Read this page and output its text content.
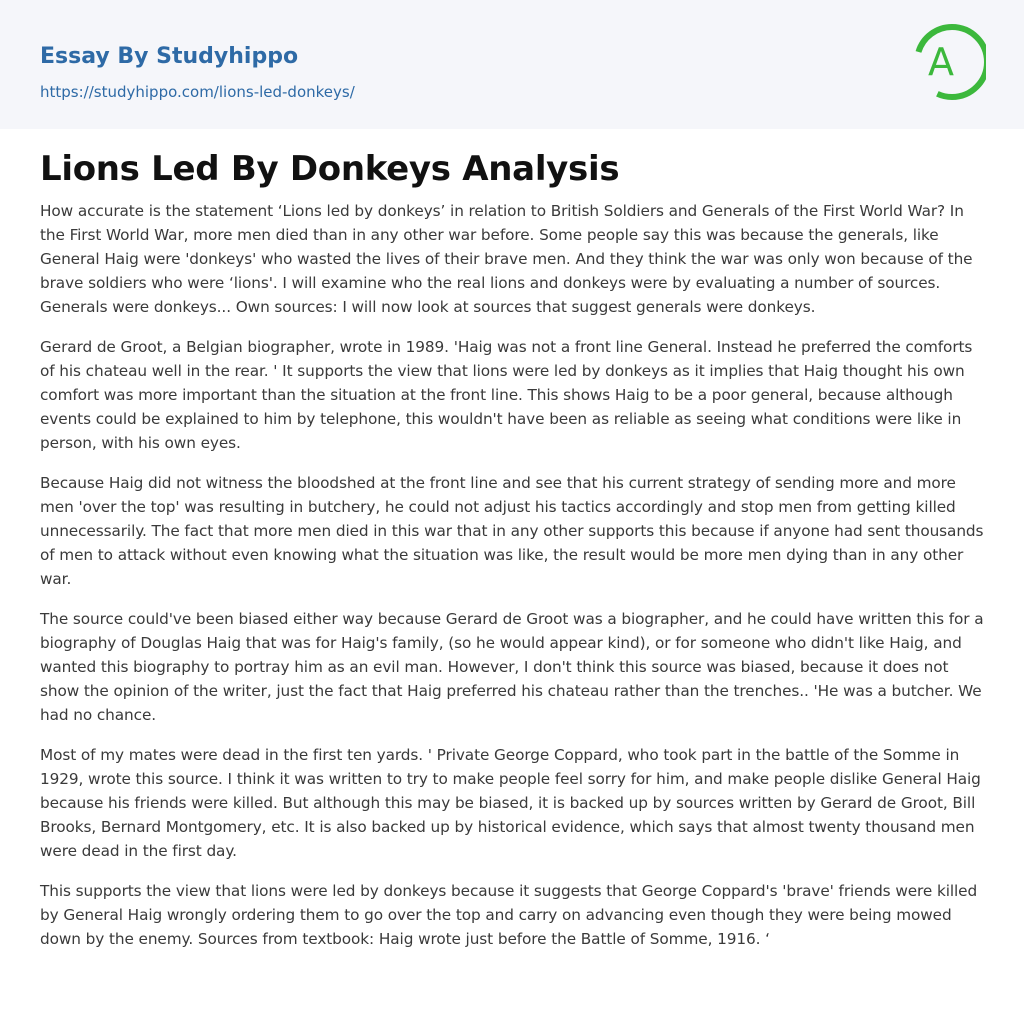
Essay By Studyhippo
https://studyhippo.com/lions-led-donkeys/
A
Lions Led By Donkeys Analysis

How accurate is the statement ‘Lions led by donkeys’ in relation to British Soldiers and Generals of the First World War? In the First World War, more men died than in any other war before. Some people say this was because the generals, like General Haig were 'donkeys' who wasted the lives of their brave men. And they think the war was only won because of the brave soldiers who were ‘lions'. I will examine who the real lions and donkeys were by evaluating a number of sources. Generals were donkeys... Own sources: I will now look at sources that suggest generals were donkeys.

Gerard de Groot, a Belgian biographer, wrote in 1989. 'Haig was not a front line General. Instead he preferred the comforts of his chateau well in the rear. ' It supports the view that lions were led by donkeys as it implies that Haig thought his own comfort was more important than the situation at the front line. This shows Haig to be a poor general, because although events could be explained to him by telephone, this wouldn't have been as reliable as seeing what conditions were like in person, with his own eyes.

Because Haig did not witness the bloodshed at the front line and see that his current strategy of sending more and more men 'over the top' was resulting in butchery, he could not adjust his tactics accordingly and stop men from getting killed unnecessarily. The fact that more men died in this war that in any other supports this because if anyone had sent thousands of men to attack without even knowing what the situation was like, the result would be more men dying than in any other war.

The source could've been biased either way because Gerard de Groot was a biographer, and he could have written this for a biography of Douglas Haig that was for Haig's family, (so he would appear kind), or for someone who didn't like Haig, and wanted this biography to portray him as an evil man. However, I don't think this source was biased, because it does not show the opinion of the writer, just the fact that Haig preferred his chateau rather than the trenches.. 'He was a butcher. We had no chance.

Most of my mates were dead in the first ten yards. ' Private George Coppard, who took part in the battle of the Somme in 1929, wrote this source. I think it was written to try to make people feel sorry for him, and make people dislike General Haig because his friends were killed. But although this may be biased, it is backed up by sources written by Gerard de Groot, Bill Brooks, Bernard Montgomery, etc. It is also backed up by historical evidence, which says that almost twenty thousand men were dead in the first day.

This supports the view that lions were led by donkeys because it suggests that George Coppard's 'brave' friends were killed by General Haig wrongly ordering them to go over the top and carry on advancing even though they were being mowed down by the enemy. Sources from textbook: Haig wrote just before the Battle of Somme, 1916. ‘
